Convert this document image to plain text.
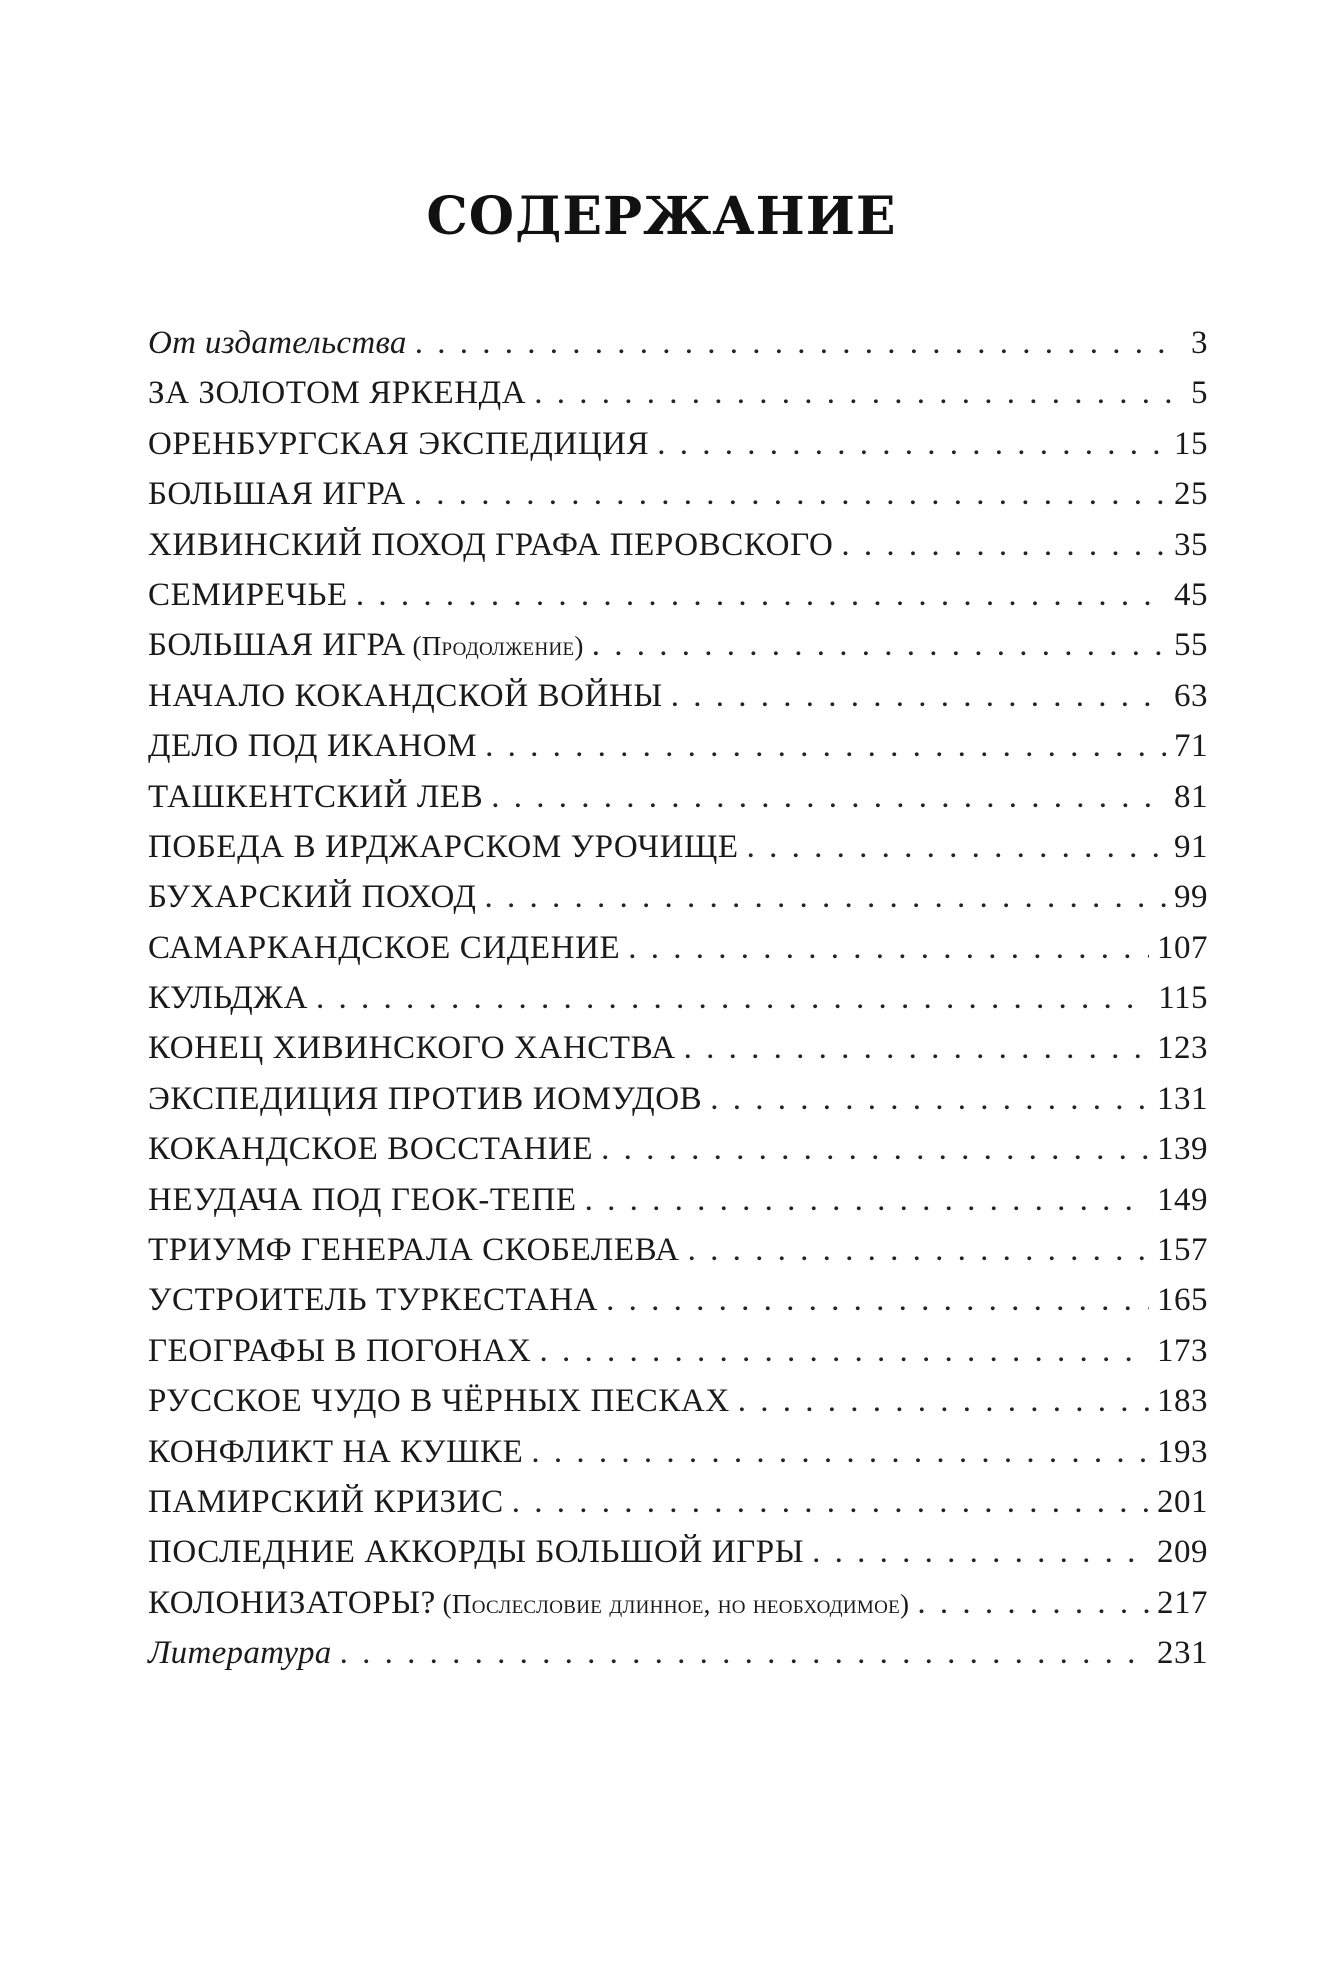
СОДЕРЖАНИЕ
От издательства . . .	3
ЗА ЗОЛОТОМ ЯРКЕНДА . . .	5
ОРЕНБУРГСКАЯ ЭКСПЕДИЦИЯ . . .	15
БОЛЬШАЯ ИГРА . . .	25
ХИВИНСКИЙ ПОХОД ГРАФА ПЕРОВСКОГО . . .	35
СЕМИРЕЧЬЕ . . .	45
БОЛЬШАЯ ИГРА (Продолжение) . . .	55
НАЧАЛО КОКАНДСКОЙ ВОЙНЫ . . .	63
ДЕЛО ПОД ИКАНОМ . . .	71
ТАШКЕНТСКИЙ ЛЕВ . . .	81
ПОБЕДА В ИРДЖАРСКОМ УРОЧИЩЕ . . .	91
БУХАРСКИЙ ПОХОД . . .	99
САМАРКАНДСКОЕ СИДЕНИЕ . . .	107
КУЛЬДЖА . . .	115
КОНЕЦ ХИВИНСКОГО ХАНСТВА . . .	123
ЭКСПЕДИЦИЯ ПРОТИВ ИОМУДОВ . . .	131
КОКАНДСКОЕ ВОССТАНИЕ . . .	139
НЕУДАЧА ПОД ГЕОК-ТЕПЕ . . .	149
ТРИУМФ ГЕНЕРАЛА СКОБЕЛЕВА . . .	157
УСТРОИТЕЛЬ ТУРКЕСТАНА . . .	165
ГЕОГРАФЫ В ПОГОНАХ . . .	173
РУССКОЕ ЧУДО В ЧЁРНЫХ ПЕСКАХ . . .	183
КОНФЛИКТ НА КУШКЕ . . .	193
ПАМИРСКИЙ КРИЗИС . . .	201
ПОСЛЕДНИЕ АККОРДЫ БОЛЬШОЙ ИГРЫ . . .	209
КОЛОНИЗАТОРЫ? (Послесловие длинное, но необходимое) . . .	217
Литература . . .	231
